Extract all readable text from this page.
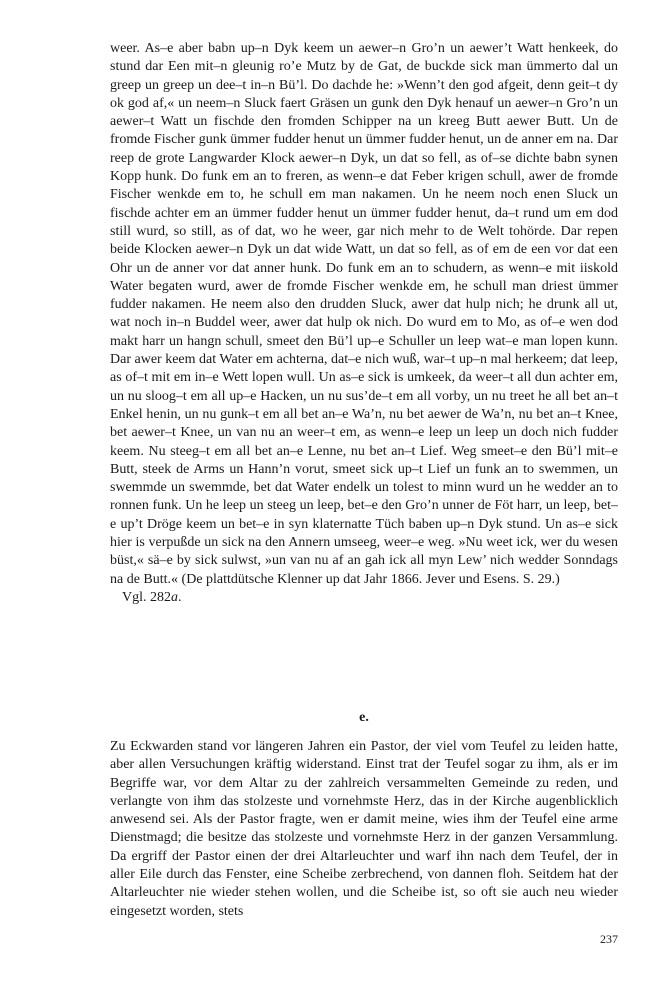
weer. As–e aber babn up–n Dyk keem un aewer–n Gro’n un aewer’t Watt henkeek, do stund dar Een mit–n gleunig ro’e Mutz by de Gat, de buckde sick man ümmerto dal un greep un greep un dee–t in–n Bü’l. Do dachde he: »Wenn’t den god afgeit, denn geit–t dy ok god af,« un neem–n Sluck faert Gräsen un gunk den Dyk henauf un aewer–n Gro’n un aewer–t Watt un fischde den fromden Schipper na un kreeg Butt aewer Butt. Un de fromde Fischer gunk ümmer fudder henut un ümmer fudder henut, un de anner em na. Dar reep de grote Langwarder Klock aewer–n Dyk, un dat so fell, as of–se dichte babn synen Kopp hunk. Do funk em an to freren, as wenn–e dat Feber krigen schull, awer de fromde Fischer wenkde em to, he schull em man nakamen. Un he neem noch enen Sluck un fischde achter em an ümmer fudder henut un ümmer fudder henut, da–t rund um em dod still wurd, so still, as of dat, wo he weer, gar nich mehr to de Welt tohörde. Dar repen beide Klocken aewer–n Dyk un dat wide Watt, un dat so fell, as of em de een vor dat een Ohr un de anner vor dat anner hunk. Do funk em an to schudern, as wenn–e mit iiskold Water begaten wurd, awer de fromde Fischer wenkde em, he schull man driest ümmer fudder nakamen. He neem also den drudden Sluck, awer dat hulp nich; he drunk all ut, wat noch in–n Buddel weer, awer dat hulp ok nich. Do wurd em to Mo, as of–e wen dod makt harr un hangn schull, smeet den Bü’l up–e Schuller un leep wat–e man lopen kunn. Dar awer keem dat Water em achterna, dat–e nich wuß, war–t up–n mal herkeem; dat leep, as of–t mit em in–e Wett lopen wull. Un as–e sick is umkeek, da weer–t all dun achter em, un nu sloog–t em all up–e Hacken, un nu sus’de–t em all vorby, un nu treet he all bet an–t Enkel henin, un nu gunk–t em all bet an–e Wa’n, nu bet aewer de Wa’n, nu bet an–t Knee, bet aewer–t Knee, un van nu an weer–t em, as wenn–e leep un leep un doch nich fudder keem. Nu steeg–t em all bet an–e Lenne, nu bet an–t Lief. Weg smeet–e den Bü’l mit–e Butt, steek de Arms un Hann’n vorut, smeet sick up–t Lief un funk an to swemmen, un swemmde un swemmde, bet dat Water endelk un tolest to minn wurd un he wedder an to ronnen funk. Un he leep un steeg un leep, bet–e den Gro’n unner de Föt harr, un leep, bet–e up’t Dröge keem un bet–e in syn klaternatte Tüch baben up–n Dyk stund. Un as–e sick hier is verpußde un sick na den Annern umseeg, weer–e weg. »Nu weet ick, wer du wesen büst,« sä–e by sick sulwst, »un van nu af an gah ick all myn Lew’ nich wedder Sonndags na de Butt.« (De plattdütsche Klenner up dat Jahr 1866. Jever und Esens. S. 29.)

Vgl. 282a.

e.

Zu Eckwarden stand vor längeren Jahren ein Pastor, der viel vom Teufel zu leiden hatte, aber allen Versuchungen kräftig widerstand. Einst trat der Teufel sogar zu ihm, als er im Begriffe war, vor dem Altar zu der zahlreich versammelten Gemeinde zu reden, und verlangte von ihm das stolzeste und vornehmste Herz, das in der Kirche augenblicklich anwesend sei. Als der Pastor fragte, wen er damit meine, wies ihm der Teufel eine arme Dienstmagd; die besitze das stolzeste und vornehmste Herz in der ganzen Versammlung. Da ergriff der Pastor einen der drei Altarleuchter und warf ihn nach dem Teufel, der in aller Eile durch das Fenster, eine Scheibe zerbrechend, von dannen floh. Seitdem hat der Altarleuchter nie wieder stehen wollen, und die Scheibe ist, so oft sie auch neu wieder eingesetzt worden, stets

237
